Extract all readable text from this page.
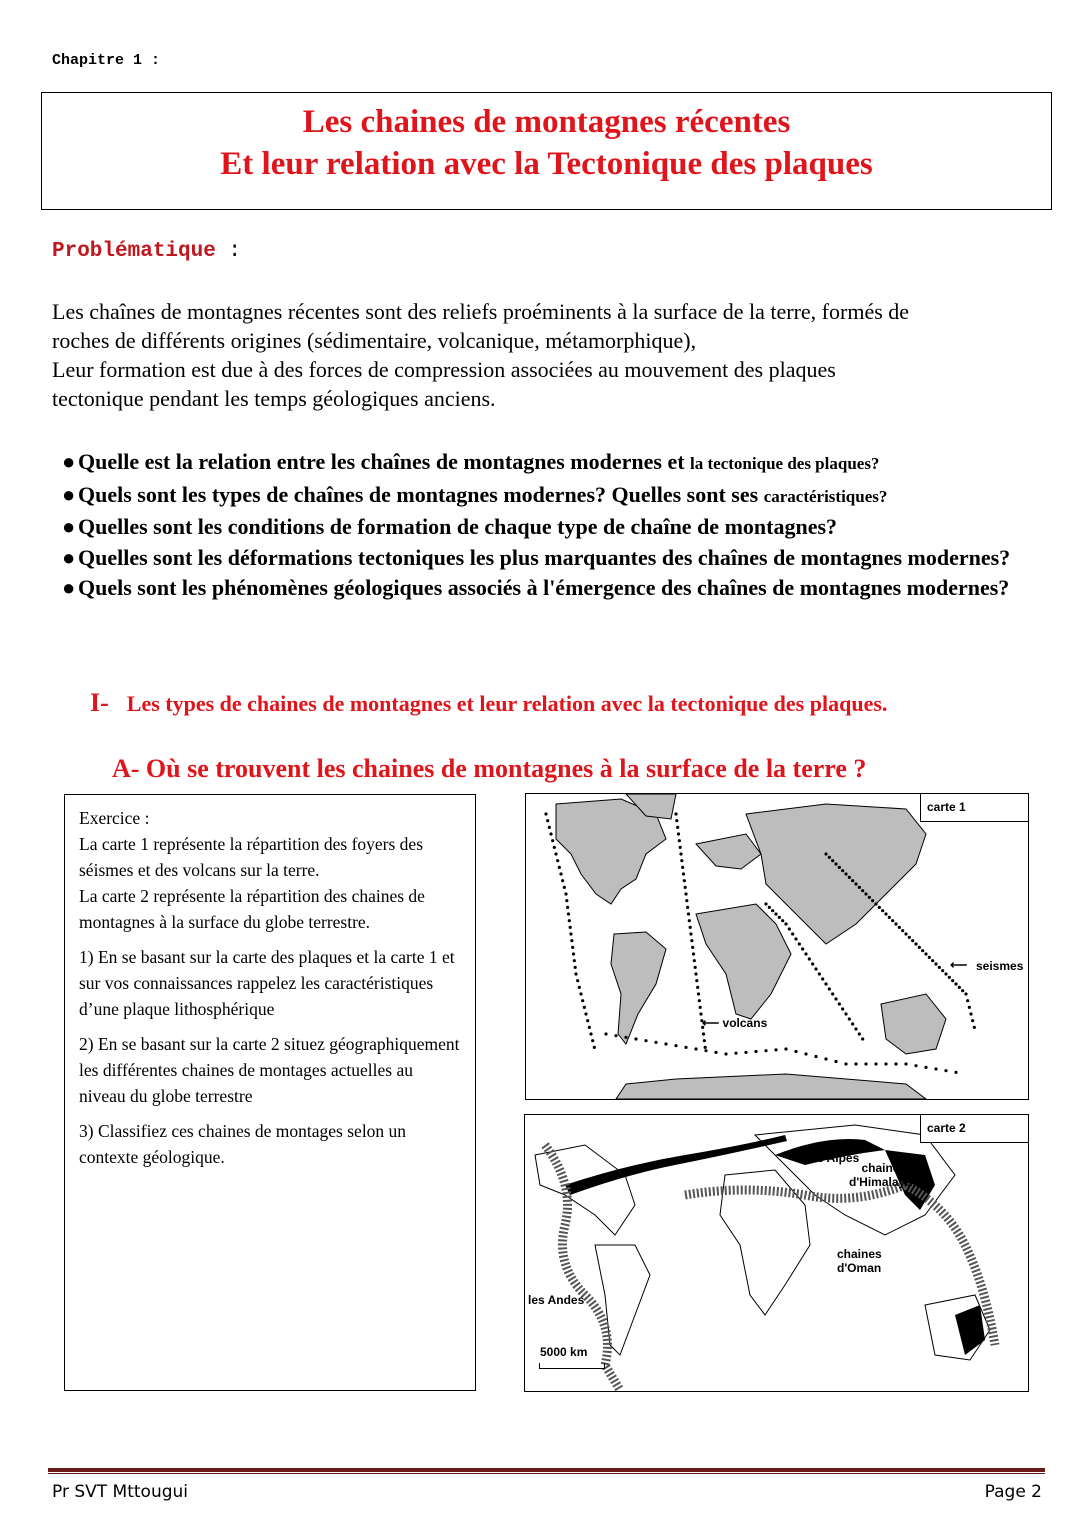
Chapitre 1 :
Les chaines de montagnes récentes
Et leur relation avec la Tectonique des plaques
Problématique :
Les chaînes de montagnes récentes sont des reliefs proéminents à la surface de la terre, formés de
roches de différents origines (sédimentaire, volcanique, métamorphique),
Leur formation est due à des forces de compression associées au mouvement des plaques
tectonique pendant les temps géologiques anciens.
● Quelle est la relation entre les chaînes de montagnes modernes et la tectonique des plaques?
● Quels sont les types de chaînes de montagnes modernes? Quelles sont ses caractéristiques?
● Quelles sont les conditions de formation de chaque type de chaîne de montagnes?
● Quelles sont les déformations tectoniques les plus marquantes des chaînes de montagnes modernes?
● Quels sont les phénomènes géologiques associés à l'émergence des chaînes de montagnes modernes?
I- Les types de chaines de montagnes et leur relation avec la tectonique des plaques.
A- Où se trouvent les chaines de montagnes à la surface de la terre ?

Exercice :
La carte 1 représente la répartition des foyers des séismes et des volcans sur la terre.
La carte 2 représente la répartition des chaines de montagnes à la surface du globe terrestre.

1) En se basant sur la carte des plaques et la carte 1 et sur vos connaissances rappelez les caractéristiques d’une plaque lithosphérique

2) En se basant sur la carte 2 situez géographiquement les différentes chaines de montages actuelles au niveau du globe terrestre

3) Classifiez ces chaines de montages selon un contexte géologique.

carte 1
⟵ seismes
⟵ volcans
carte 2
les Alpes
chaine
d'Himalaya
chaines
d'Oman
les Andes
5000 km
Pr SVT Mttougui	Page 2
